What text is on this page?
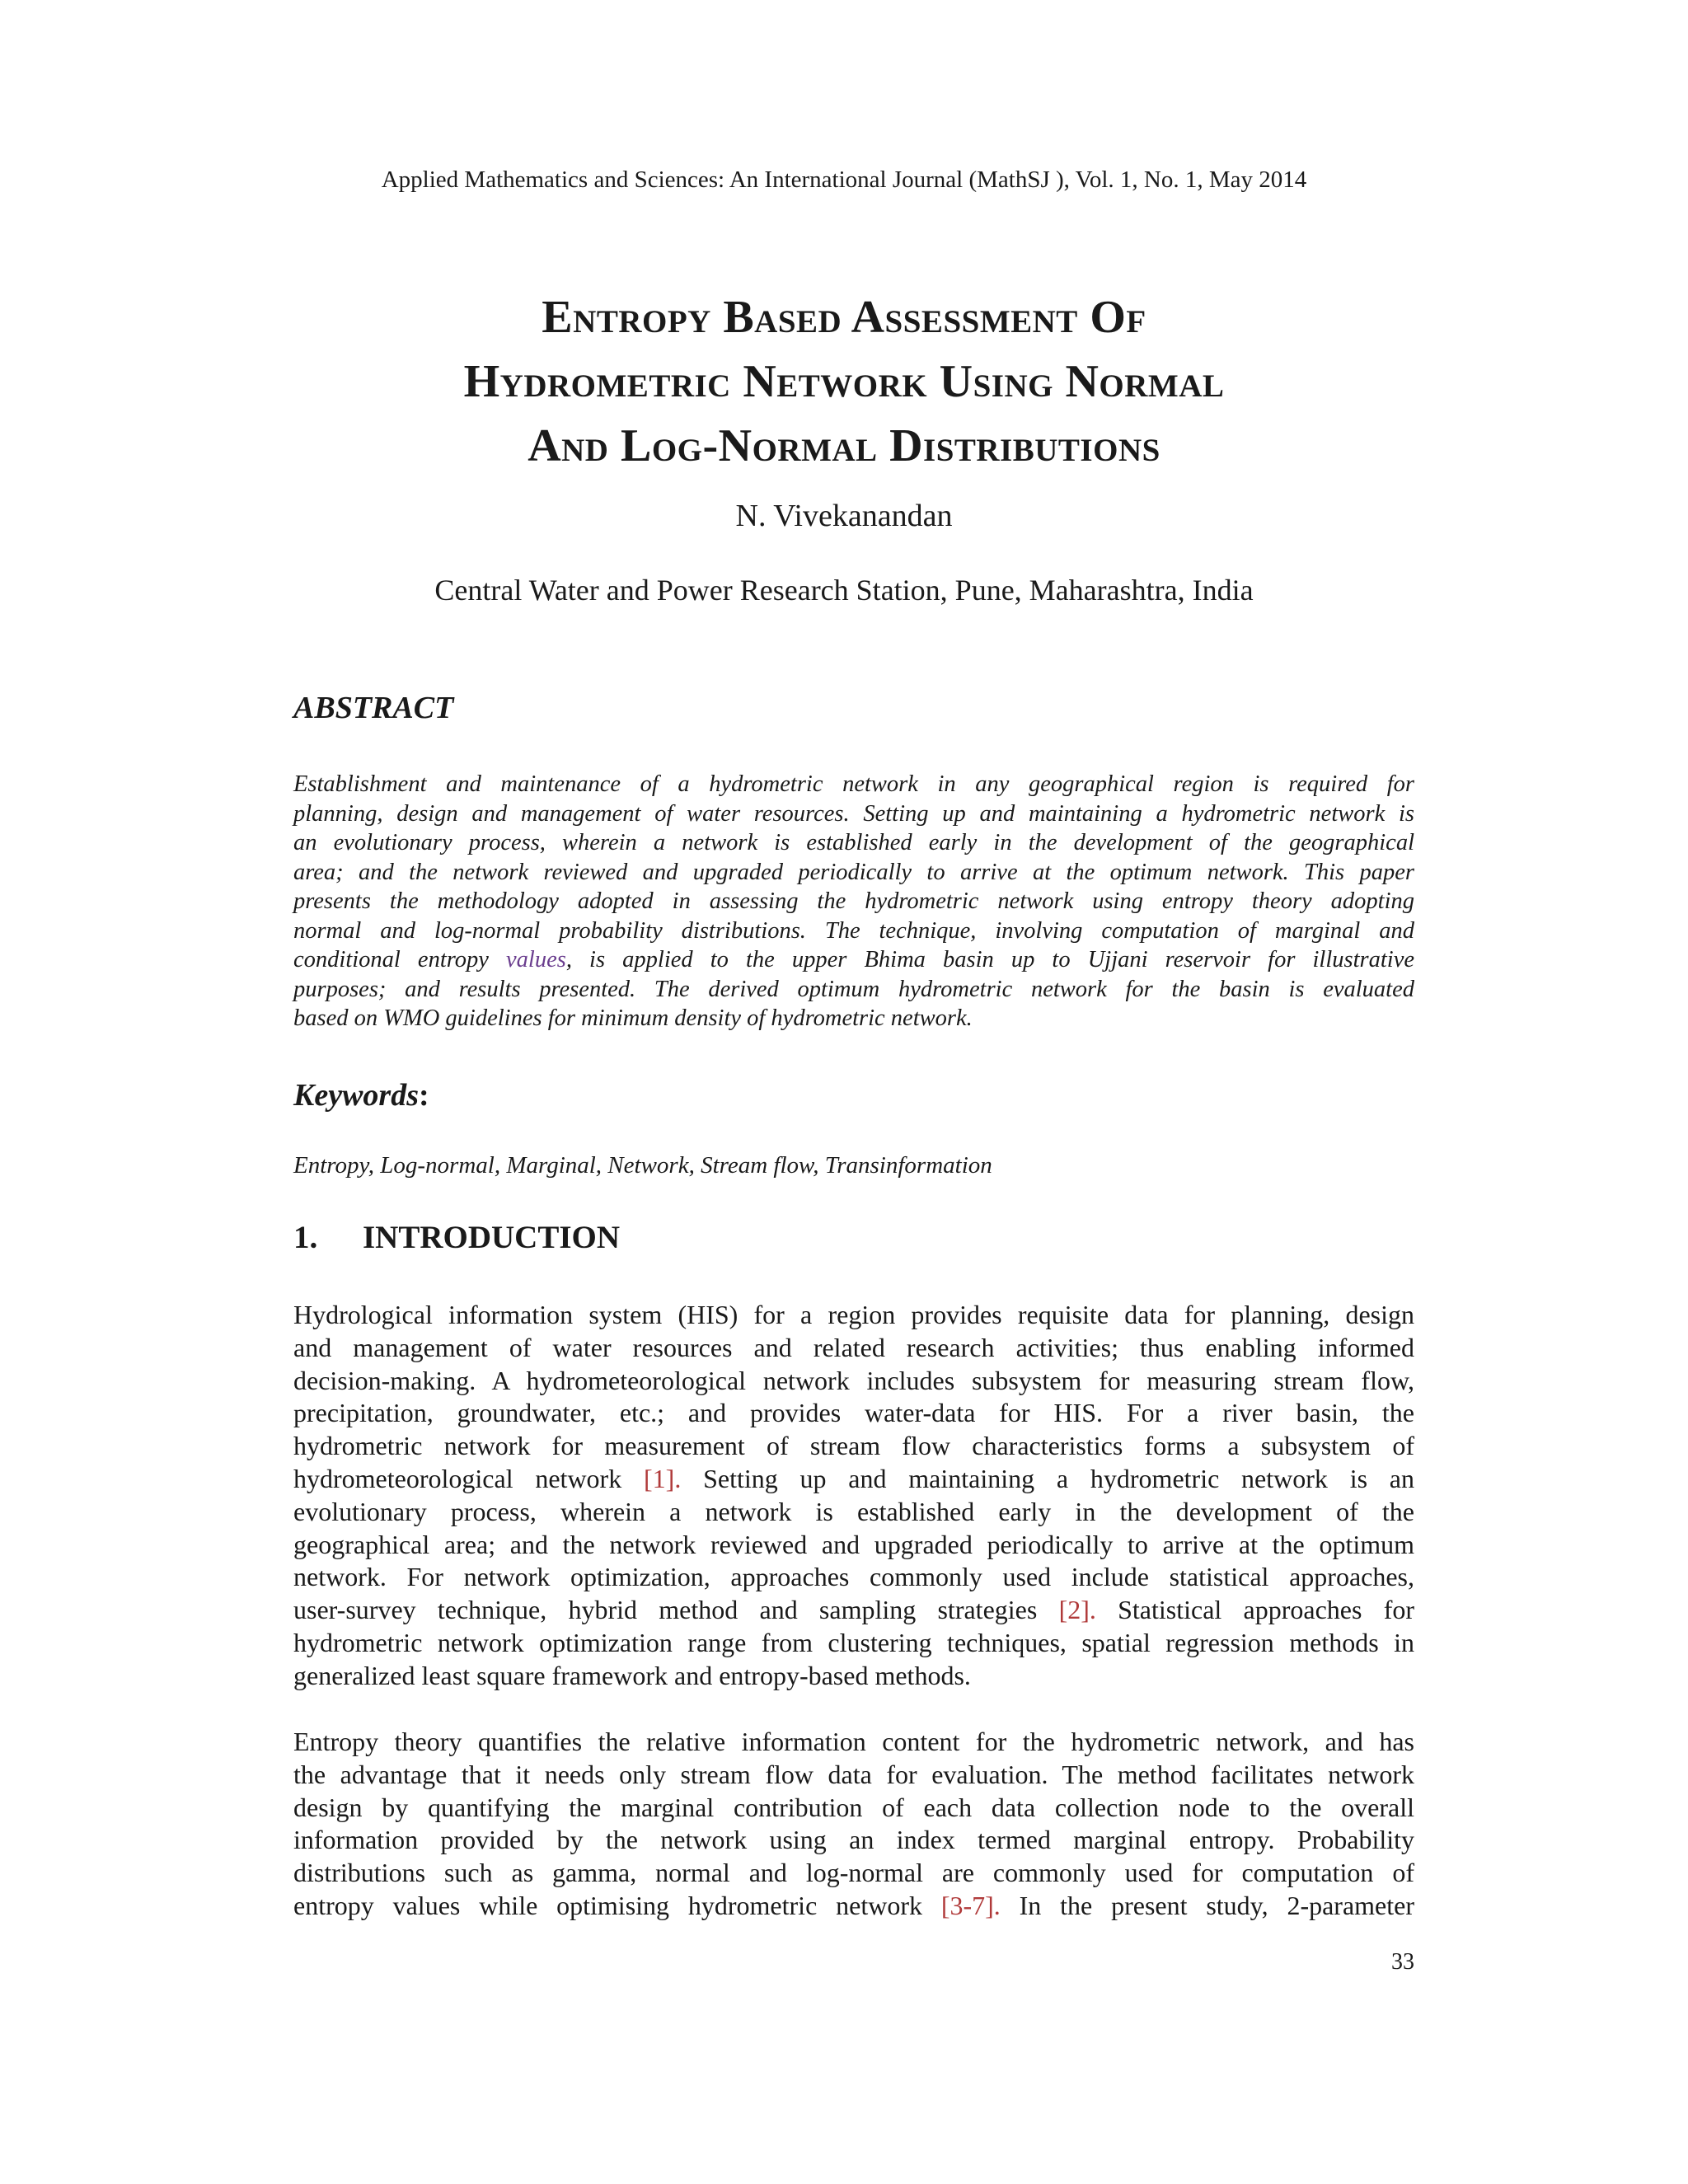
Applied Mathematics and Sciences: An International Journal (MathSJ ), Vol. 1, No. 1, May 2014
Entropy Based Assessment Of
Hydrometric Network Using Normal
And Log-Normal Distributions
N. Vivekanandan
Central Water and Power Research Station, Pune, Maharashtra, India
ABSTRACT
Establishment and maintenance of a hydrometric network in any geographical region is required for
planning, design and management of water resources. Setting up and maintaining a hydrometric network is
an evolutionary process, wherein a network is established early in the development of the geographical
area; and the network reviewed and upgraded periodically to arrive at the optimum network. This paper
presents the methodology adopted in assessing the hydrometric network using entropy theory adopting
normal and log-normal probability distributions. The technique, involving computation of marginal and
conditional entropy values, is applied to the upper Bhima basin up to Ujjani reservoir for illustrative
purposes; and results presented. The derived optimum hydrometric network for the basin is evaluated
based on WMO guidelines for minimum density of hydrometric network.
Keywords:
Entropy, Log-normal, Marginal, Network, Stream flow, Transinformation
1. INTRODUCTION
Hydrological information system (HIS) for a region provides requisite data for planning, design
and management of water resources and related research activities; thus enabling informed
decision-making. A hydrometeorological network includes subsystem for measuring stream flow,
precipitation, groundwater, etc.; and provides water-data for HIS. For a river basin, the
hydrometric network for measurement of stream flow characteristics forms a subsystem of
hydrometeorological network [1]. Setting up and maintaining a hydrometric network is an
evolutionary process, wherein a network is established early in the development of the
geographical area; and the network reviewed and upgraded periodically to arrive at the optimum
network. For network optimization, approaches commonly used include statistical approaches,
user-survey technique, hybrid method and sampling strategies [2]. Statistical approaches for
hydrometric network optimization range from clustering techniques, spatial regression methods in
generalized least square framework and entropy-based methods.
Entropy theory quantifies the relative information content for the hydrometric network, and has
the advantage that it needs only stream flow data for evaluation. The method facilitates network
design by quantifying the marginal contribution of each data collection node to the overall
information provided by the network using an index termed marginal entropy. Probability
distributions such as gamma, normal and log-normal are commonly used for computation of
entropy values while optimising hydrometric network [3-7]. In the present study, 2-parameter
33
